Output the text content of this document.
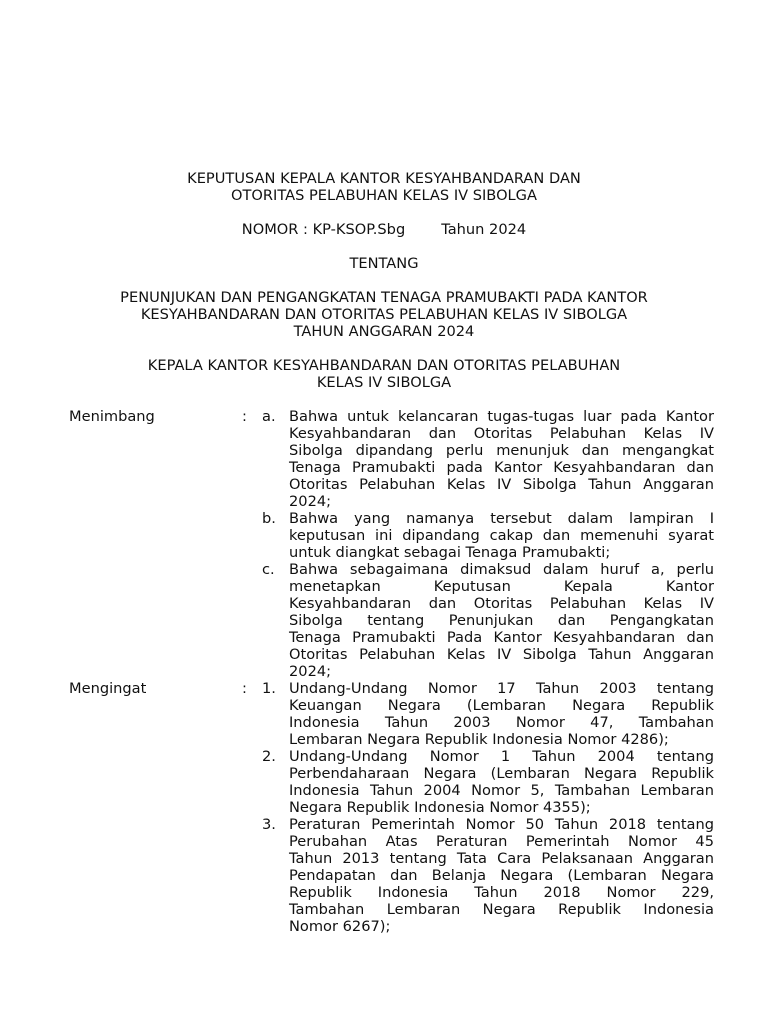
KEPUTUSAN KEPALA KANTOR KESYAHBANDARAN DAN
OTORITAS PELABUHAN KELAS IV SIBOLGA
NOMOR : KP-KSOP.Sbg Tahun 2024
TENTANG
PENUNJUKAN DAN PENGANGKATAN TENAGA PRAMUBAKTI PADA KANTOR
KESYAHBANDARAN DAN OTORITAS PELABUHAN KELAS IV SIBOLGA
TAHUN ANGGARAN 2024
KEPALA KANTOR KESYAHBANDARAN DAN OTORITAS PELABUHAN
KELAS IV SIBOLGA
Menimbang	: a. Bahwa untuk kelancaran tugas-tugas luar pada Kantor
Kesyahbandaran dan Otoritas Pelabuhan Kelas IV
Sibolga dipandang perlu menunjuk dan mengangkat
Tenaga Pramubakti pada Kantor Kesyahbandaran dan
Otoritas Pelabuhan Kelas IV Sibolga Tahun Anggaran
2024;
b. Bahwa yang namanya tersebut dalam lampiran I
keputusan ini dipandang cakap dan memenuhi syarat
untuk diangkat sebagai Tenaga Pramubakti;
c. Bahwa sebagaimana dimaksud dalam huruf a, perlu
menetapkan Keputusan Kepala Kantor
Kesyahbandaran dan Otoritas Pelabuhan Kelas IV
Sibolga tentang Penunjukan dan Pengangkatan
Tenaga Pramubakti Pada Kantor Kesyahbandaran dan
Otoritas Pelabuhan Kelas IV Sibolga Tahun Anggaran
2024;
Mengingat	: 1. Undang-Undang Nomor 17 Tahun 2003 tentang
Keuangan Negara (Lembaran Negara Republik
Indonesia Tahun 2003 Nomor 47, Tambahan
Lembaran Negara Republik Indonesia Nomor 4286);
2. Undang-Undang Nomor 1 Tahun 2004 tentang
Perbendaharaan Negara (Lembaran Negara Republik
Indonesia Tahun 2004 Nomor 5, Tambahan Lembaran
Negara Republik Indonesia Nomor 4355);
3. Peraturan Pemerintah Nomor 50 Tahun 2018 tentang
Perubahan Atas Peraturan Pemerintah Nomor 45
Tahun 2013 tentang Tata Cara Pelaksanaan Anggaran
Pendapatan dan Belanja Negara (Lembaran Negara
Republik Indonesia Tahun 2018 Nomor 229,
Tambahan Lembaran Negara Republik Indonesia
Nomor 6267);
